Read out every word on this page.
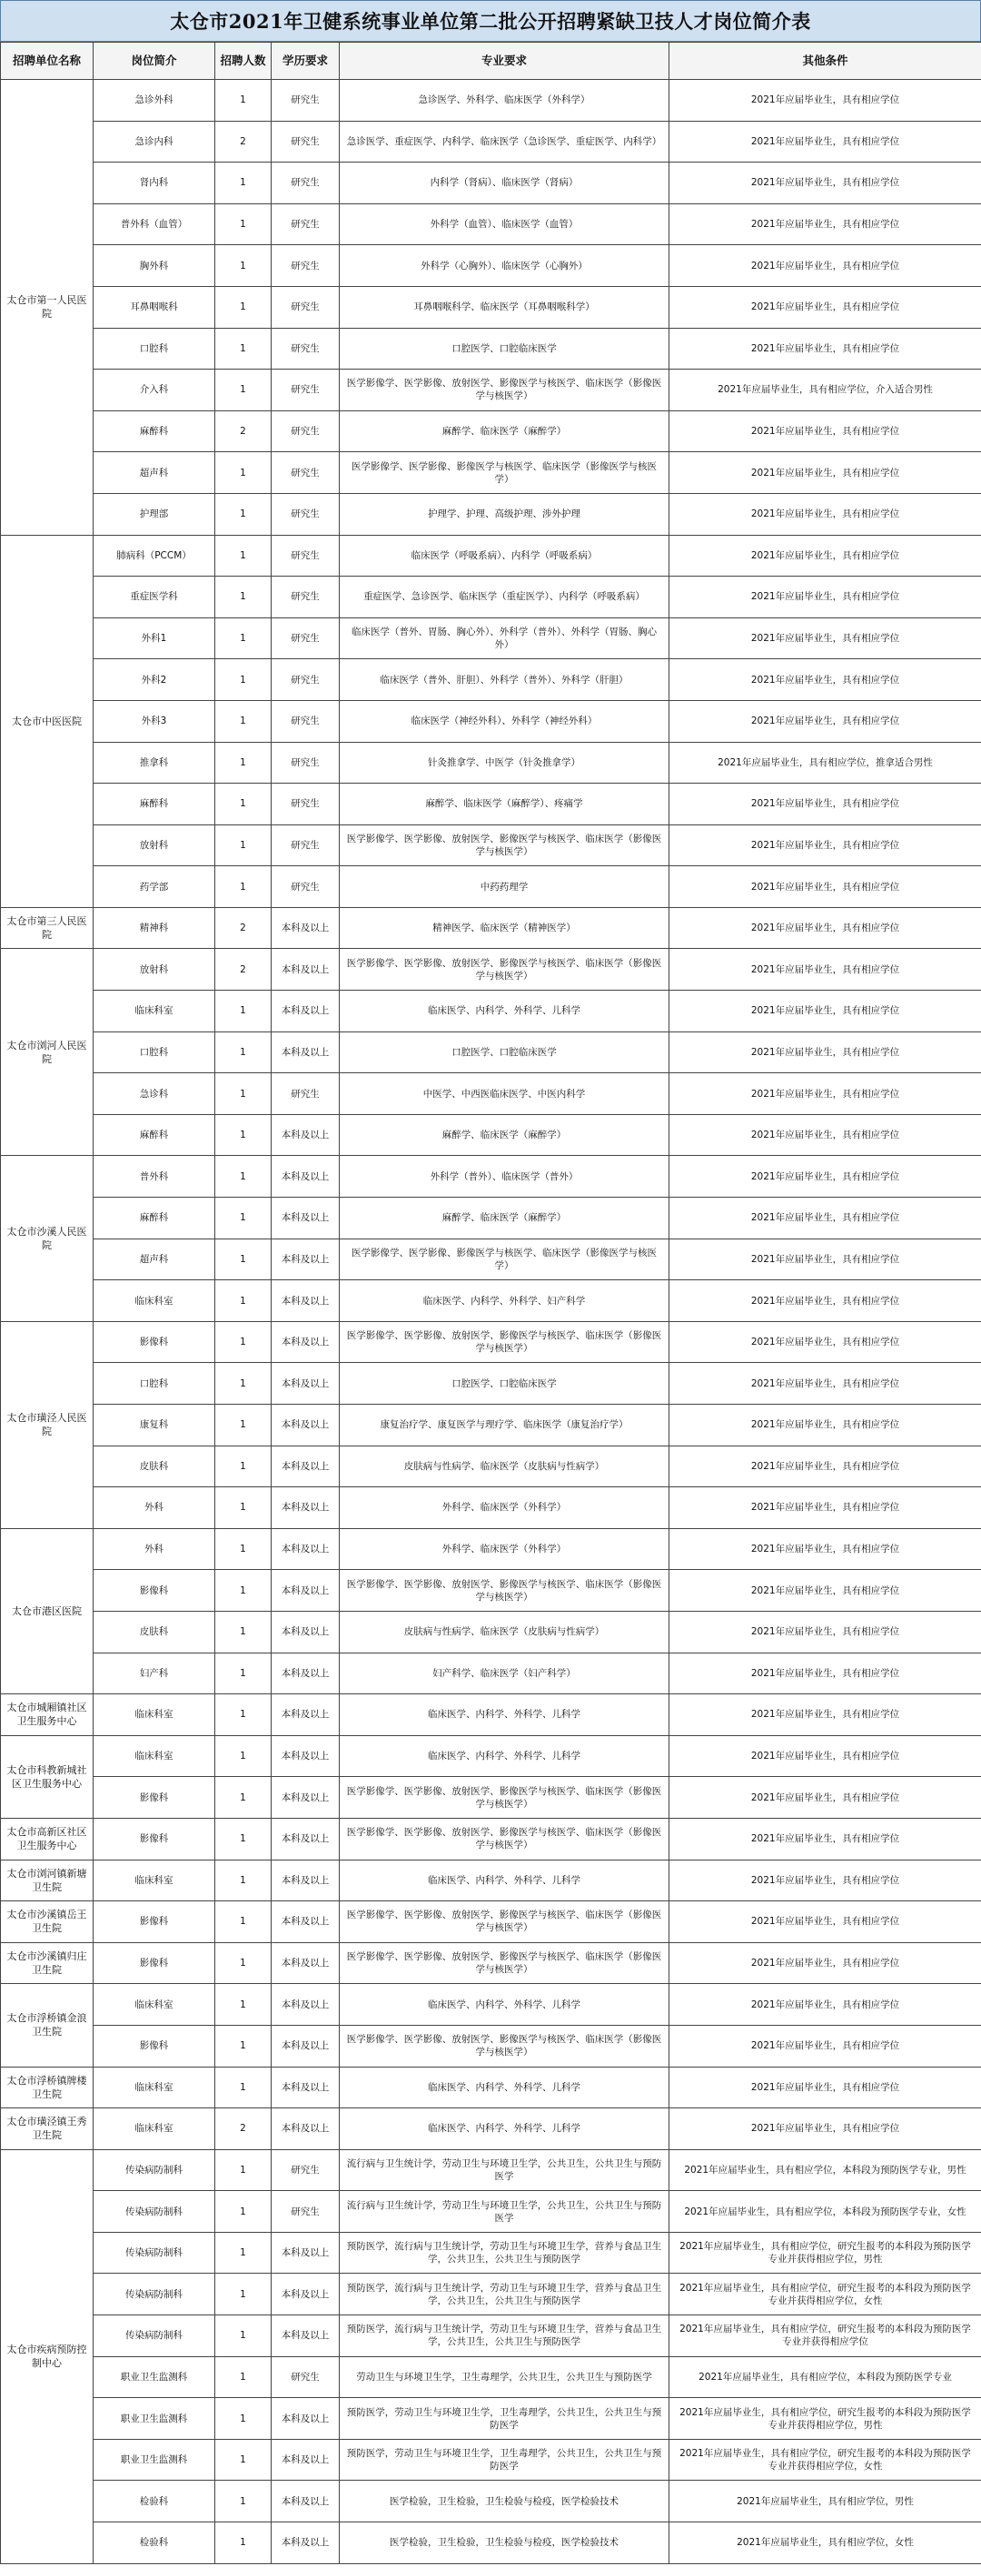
太仓市2021年卫健系统事业单位第二批公开招聘紧缺卫技人才岗位简介表
招聘单位名称	岗位简介	招聘人数	学历要求	专业要求	其他条件
太仓市第一人民医院	急诊外科	1	研究生	急诊医学、外科学、临床医学（外科学）	2021年应届毕业生，具有相应学位
	急诊内科	2	研究生	急诊医学、重症医学、内科学、临床医学（急诊医学、重症医学、内科学）	2021年应届毕业生，具有相应学位
	肾内科	1	研究生	内科学（肾病）、临床医学（肾病）	2021年应届毕业生，具有相应学位
	普外科（血管）	1	研究生	外科学（血管）、临床医学（血管）	2021年应届毕业生，具有相应学位
	胸外科	1	研究生	外科学（心胸外）、临床医学（心胸外）	2021年应届毕业生，具有相应学位
	耳鼻咽喉科	1	研究生	耳鼻咽喉科学、临床医学（耳鼻咽喉科学）	2021年应届毕业生，具有相应学位
	口腔科	1	研究生	口腔医学、口腔临床医学	2021年应届毕业生，具有相应学位
	介入科	1	研究生	医学影像学、医学影像、放射医学、影像医学与核医学、临床医学（影像医学与核医学）	2021年应届毕业生，具有相应学位，介入适合男性
	麻醉科	2	研究生	麻醉学、临床医学（麻醉学）	2021年应届毕业生，具有相应学位
	超声科	1	研究生	医学影像学、医学影像、影像医学与核医学、临床医学（影像医学与核医学）	2021年应届毕业生，具有相应学位
	护理部	1	研究生	护理学、护理、高级护理、涉外护理	2021年应届毕业生，具有相应学位
太仓市中医医院	肺病科（PCCM）	1	研究生	临床医学（呼吸系病）、内科学（呼吸系病）	2021年应届毕业生，具有相应学位
	重症医学科	1	研究生	重症医学、急诊医学、临床医学（重症医学）、内科学（呼吸系病）	2021年应届毕业生，具有相应学位
	外科1	1	研究生	临床医学（普外、胃肠、胸心外）、外科学（普外）、外科学（胃肠、胸心外）	2021年应届毕业生，具有相应学位
	外科2	1	研究生	临床医学（普外、肝胆）、外科学（普外）、外科学（肝胆）	2021年应届毕业生，具有相应学位
	外科3	1	研究生	临床医学（神经外科）、外科学（神经外科）	2021年应届毕业生，具有相应学位
	推拿科	1	研究生	针灸推拿学、中医学（针灸推拿学）	2021年应届毕业生，具有相应学位，推拿适合男性
	麻醉科	1	研究生	麻醉学、临床医学（麻醉学）、疼痛学	2021年应届毕业生，具有相应学位
	放射科	1	研究生	医学影像学、医学影像、放射医学、影像医学与核医学、临床医学（影像医学与核医学）	2021年应届毕业生，具有相应学位
	药学部	1	研究生	中药药理学	2021年应届毕业生，具有相应学位
太仓市第三人民医院	精神科	2	本科及以上	精神医学、临床医学（精神医学）	2021年应届毕业生，具有相应学位
太仓市浏河人民医院	放射科	2	本科及以上	医学影像学、医学影像、放射医学、影像医学与核医学、临床医学（影像医学与核医学）	2021年应届毕业生，具有相应学位
	临床科室	1	本科及以上	临床医学、内科学、外科学、儿科学	2021年应届毕业生，具有相应学位
	口腔科	1	本科及以上	口腔医学、口腔临床医学	2021年应届毕业生，具有相应学位
	急诊科	1	研究生	中医学、中西医临床医学、中医内科学	2021年应届毕业生，具有相应学位
	麻醉科	1	本科及以上	麻醉学、临床医学（麻醉学）	2021年应届毕业生，具有相应学位
太仓市沙溪人民医院	普外科	1	本科及以上	外科学（普外）、临床医学（普外）	2021年应届毕业生，具有相应学位
	麻醉科	1	本科及以上	麻醉学、临床医学（麻醉学）	2021年应届毕业生，具有相应学位
	超声科	1	本科及以上	医学影像学、医学影像、影像医学与核医学、临床医学（影像医学与核医学）	2021年应届毕业生，具有相应学位
	临床科室	1	本科及以上	临床医学、内科学、外科学、妇产科学	2021年应届毕业生，具有相应学位
太仓市璜泾人民医院	影像科	1	本科及以上	医学影像学、医学影像、放射医学、影像医学与核医学、临床医学（影像医学与核医学）	2021年应届毕业生，具有相应学位
	口腔科	1	本科及以上	口腔医学、口腔临床医学	2021年应届毕业生，具有相应学位
	康复科	1	本科及以上	康复治疗学、康复医学与理疗学、临床医学（康复治疗学）	2021年应届毕业生，具有相应学位
	皮肤科	1	本科及以上	皮肤病与性病学、临床医学（皮肤病与性病学）	2021年应届毕业生，具有相应学位
	外科	1	本科及以上	外科学、临床医学（外科学）	2021年应届毕业生，具有相应学位
太仓市港区医院	外科	1	本科及以上	外科学、临床医学（外科学）	2021年应届毕业生，具有相应学位
	影像科	1	本科及以上	医学影像学、医学影像、放射医学、影像医学与核医学、临床医学（影像医学与核医学）	2021年应届毕业生，具有相应学位
	皮肤科	1	本科及以上	皮肤病与性病学、临床医学（皮肤病与性病学）	2021年应届毕业生，具有相应学位
	妇产科	1	本科及以上	妇产科学、临床医学（妇产科学）	2021年应届毕业生，具有相应学位
太仓市城厢镇社区卫生服务中心	临床科室	1	本科及以上	临床医学、内科学、外科学、儿科学	2021年应届毕业生，具有相应学位
太仓市科教新城社区卫生服务中心	临床科室	1	本科及以上	临床医学、内科学、外科学、儿科学	2021年应届毕业生，具有相应学位
	影像科	1	本科及以上	医学影像学、医学影像、放射医学、影像医学与核医学、临床医学（影像医学与核医学）	2021年应届毕业生，具有相应学位
太仓市高新区社区卫生服务中心	影像科	1	本科及以上	医学影像学、医学影像、放射医学、影像医学与核医学、临床医学（影像医学与核医学）	2021年应届毕业生，具有相应学位
太仓市浏河镇新塘卫生院	临床科室	1	本科及以上	临床医学、内科学、外科学、儿科学	2021年应届毕业生，具有相应学位
太仓市沙溪镇岳王卫生院	影像科	1	本科及以上	医学影像学、医学影像、放射医学、影像医学与核医学、临床医学（影像医学与核医学）	2021年应届毕业生，具有相应学位
太仓市沙溪镇归庄卫生院	影像科	1	本科及以上	医学影像学、医学影像、放射医学、影像医学与核医学、临床医学（影像医学与核医学）	2021年应届毕业生，具有相应学位
太仓市浮桥镇金浪卫生院	临床科室	1	本科及以上	临床医学、内科学、外科学、儿科学	2021年应届毕业生，具有相应学位
	影像科	1	本科及以上	医学影像学、医学影像、放射医学、影像医学与核医学、临床医学（影像医学与核医学）	2021年应届毕业生，具有相应学位
太仓市浮桥镇牌楼卫生院	临床科室	1	本科及以上	临床医学、内科学、外科学、儿科学	2021年应届毕业生，具有相应学位
太仓市璜泾镇王秀卫生院	临床科室	2	本科及以上	临床医学、内科学、外科学、儿科学	2021年应届毕业生，具有相应学位
太仓市疾病预防控制中心	传染病防制科	1	研究生	流行病与卫生统计学，劳动卫生与环境卫生学，公共卫生，公共卫生与预防医学	2021年应届毕业生，具有相应学位，本科段为预防医学专业，男性
	传染病防制科	1	研究生	流行病与卫生统计学，劳动卫生与环境卫生学，公共卫生，公共卫生与预防医学	2021年应届毕业生，具有相应学位，本科段为预防医学专业，女性
	传染病防制科	1	本科及以上	预防医学，流行病与卫生统计学，劳动卫生与环境卫生学，营养与食品卫生学，公共卫生，公共卫生与预防医学	2021年应届毕业生，具有相应学位，研究生报考的本科段为预防医学专业并获得相应学位，男性
	传染病防制科	1	本科及以上	预防医学，流行病与卫生统计学，劳动卫生与环境卫生学，营养与食品卫生学，公共卫生，公共卫生与预防医学	2021年应届毕业生，具有相应学位，研究生报考的本科段为预防医学专业并获得相应学位，女性
	传染病防制科	1	本科及以上	预防医学，流行病与卫生统计学，劳动卫生与环境卫生学，营养与食品卫生学，公共卫生，公共卫生与预防医学	2021年应届毕业生，具有相应学位，研究生报考的本科段为预防医学专业并获得相应学位
	职业卫生监测科	1	研究生	劳动卫生与环境卫生学，卫生毒理学，公共卫生，公共卫生与预防医学	2021年应届毕业生，具有相应学位，本科段为预防医学专业
	职业卫生监测科	1	本科及以上	预防医学，劳动卫生与环境卫生学，卫生毒理学，公共卫生，公共卫生与预防医学	2021年应届毕业生，具有相应学位，研究生报考的本科段为预防医学专业并获得相应学位，男性
	职业卫生监测科	1	本科及以上	预防医学，劳动卫生与环境卫生学，卫生毒理学，公共卫生，公共卫生与预防医学	2021年应届毕业生，具有相应学位，研究生报考的本科段为预防医学专业并获得相应学位，女性
	检验科	1	本科及以上	医学检验，卫生检验，卫生检验与检疫，医学检验技术	2021年应届毕业生，具有相应学位，男性
	检验科	1	本科及以上	医学检验，卫生检验，卫生检验与检疫，医学检验技术	2021年应届毕业生，具有相应学位，女性
